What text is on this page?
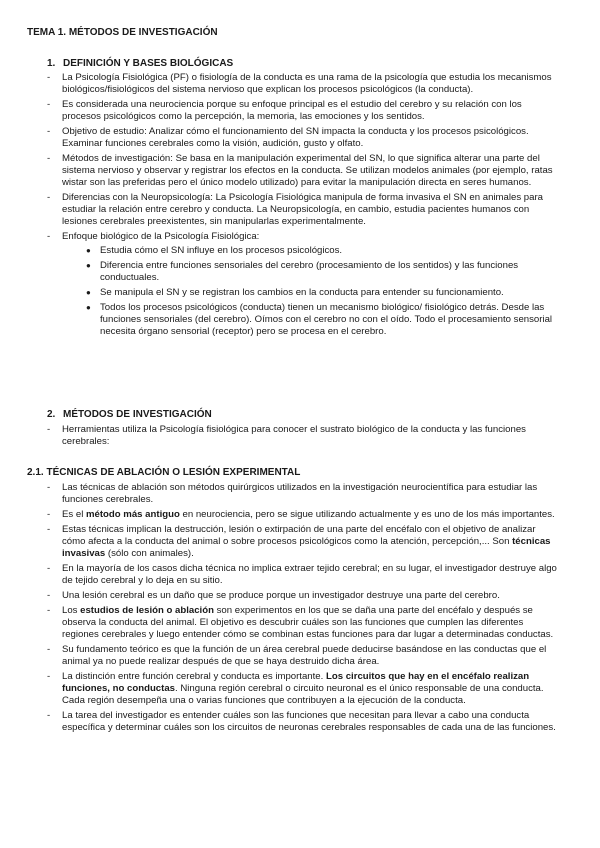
TEMA 1. MÉTODOS DE INVESTIGACIÓN
1. DEFINICIÓN Y BASES BIOLÓGICAS
- La Psicología Fisiológica (PF) o fisiología de la conducta es una rama de la psicología que estudia los mecanismos biológicos/fisiológicos del sistema nervioso que explican los procesos psicológicos (la conducta).
- Es considerada una neurociencia porque su enfoque principal es el estudio del cerebro y su relación con los procesos psicológicos como la percepción, la memoria, las emociones y los sentidos.
- Objetivo de estudio: Analizar cómo el funcionamiento del SN impacta la conducta y los procesos psicológicos. Examinar funciones cerebrales como la visión, audición, gusto y olfato.
- Métodos de investigación: Se basa en la manipulación experimental del SN, lo que significa alterar una parte del sistema nervioso y observar y registrar los efectos en la conducta. Se utilizan modelos animales (por ejemplo, ratas wistar son las preferidas pero el único modelo utilizado) para evitar la manipulación directa en seres humanos.
- Diferencias con la Neuropsicología: La Psicología Fisiológica manipula de forma invasiva el SN en animales para estudiar la relación entre cerebro y conducta. La Neuropsicología, en cambio, estudia pacientes humanos con lesiones cerebrales preexistentes, sin manipularlas experimentalmente.
- Enfoque biológico de la Psicología Fisiológica:
● Estudia cómo el SN influye en los procesos psicológicos.
● Diferencia entre funciones sensoriales del cerebro (procesamiento de los sentidos) y las funciones conductuales.
● Se manipula el SN y se registran los cambios en la conducta para entender su funcionamiento.
● Todos los procesos psicológicos (conducta) tienen un mecanismo biológico/ fisiológico detrás. Desde las funciones sensoriales (del cerebro). Oímos con el cerebro no con el oído. Todo el procesamiento sensorial necesita órgano sensorial (receptor) pero se procesa en el cerebro.
2. MÉTODOS DE INVESTIGACIÓN
- Herramientas utiliza la Psicología fisiológica para conocer el sustrato biológico de la conducta y las funciones cerebrales:
2.1. TÉCNICAS DE ABLACIÓN O LESIÓN EXPERIMENTAL
- Las técnicas de ablación son métodos quirúrgicos utilizados en la investigación neurocientífica para estudiar las funciones cerebrales.
- Es el método más antiguo en neurociencia, pero se sigue utilizando actualmente y es uno de los más importantes.
- Estas técnicas implican la destrucción, lesión o extirpación de una parte del encéfalo con el objetivo de analizar cómo afecta a la conducta del animal o sobre procesos psicológicos como la atención, percepción,... Son técnicas invasivas (sólo con animales).
- En la mayoría de los casos dicha técnica no implica extraer tejido cerebral; en su lugar, el investigador destruye algo de tejido cerebral y lo deja en su sitio.
- Una lesión cerebral es un daño que se produce porque un investigador destruye una parte del cerebro.
- Los estudios de lesión o ablación son experimentos en los que se daña una parte del encéfalo y después se observa la conducta del animal. El objetivo es descubrir cuáles son las funciones que cumplen las diferentes regiones cerebrales y luego entender cómo se combinan estas funciones para dar lugar a determinadas conductas.
- Su fundamento teórico es que la función de un área cerebral puede deducirse basándose en las conductas que el animal ya no puede realizar después de que se haya destruido dicha área.
- La distinción entre función cerebral y conducta es importante. Los circuitos que hay en el encéfalo realizan funciones, no conductas. Ninguna región cerebral o circuito neuronal es el único responsable de una conducta. Cada región desempeña una o varias funciones que contribuyen a la ejecución de la conducta.
- La tarea del investigador es entender cuáles son las funciones que necesitan para llevar a cabo una conducta específica y determinar cuáles son los circuitos de neuronas cerebrales responsables de cada una de las funciones.
